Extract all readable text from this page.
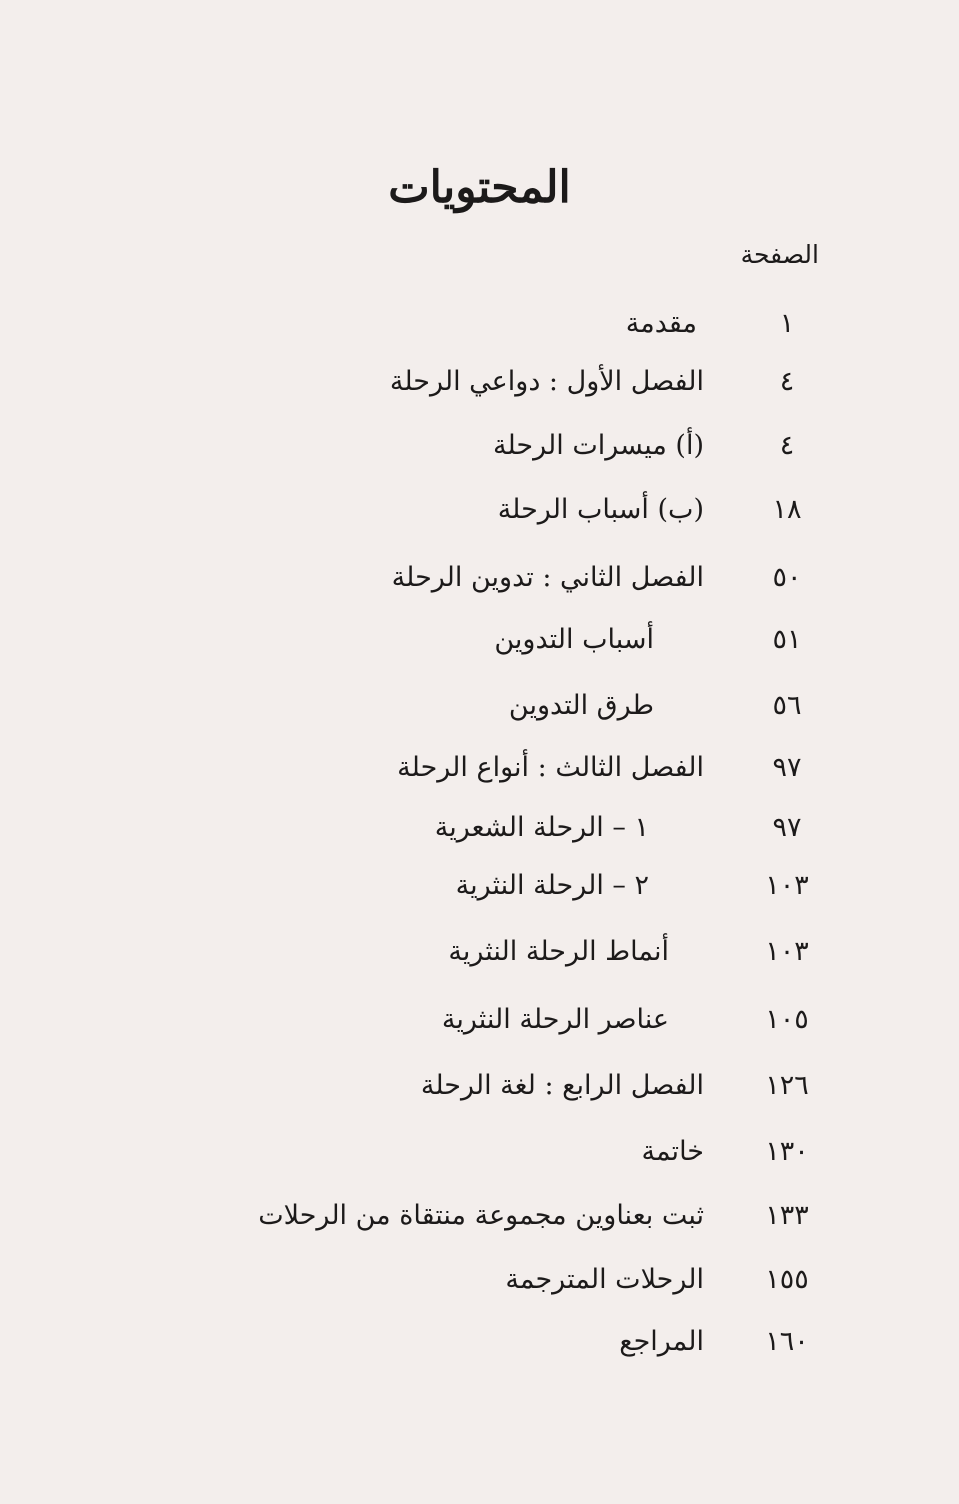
المحتويات
الصفحة
١
مقدمة
٤
الفصل الأول : دواعي الرحلة
٤
(أ) ميسرات الرحلة
١٨
(ب) أسباب الرحلة
٥٠
الفصل الثاني : تدوين الرحلة
٥١
أسباب التدوين
٥٦
طرق التدوين
٩٧
الفصل الثالث : أنواع الرحلة
٩٧
١ – الرحلة الشعرية
١٠٣
٢ – الرحلة النثرية
١٠٣
أنماط الرحلة النثرية
١٠٥
عناصر الرحلة النثرية
١٢٦
الفصل الرابع : لغة الرحلة
١٣٠
خاتمة
١٣٣
ثبت بعناوين مجموعة منتقاة من الرحلات
١٥٥
الرحلات المترجمة
١٦٠
المراجع
